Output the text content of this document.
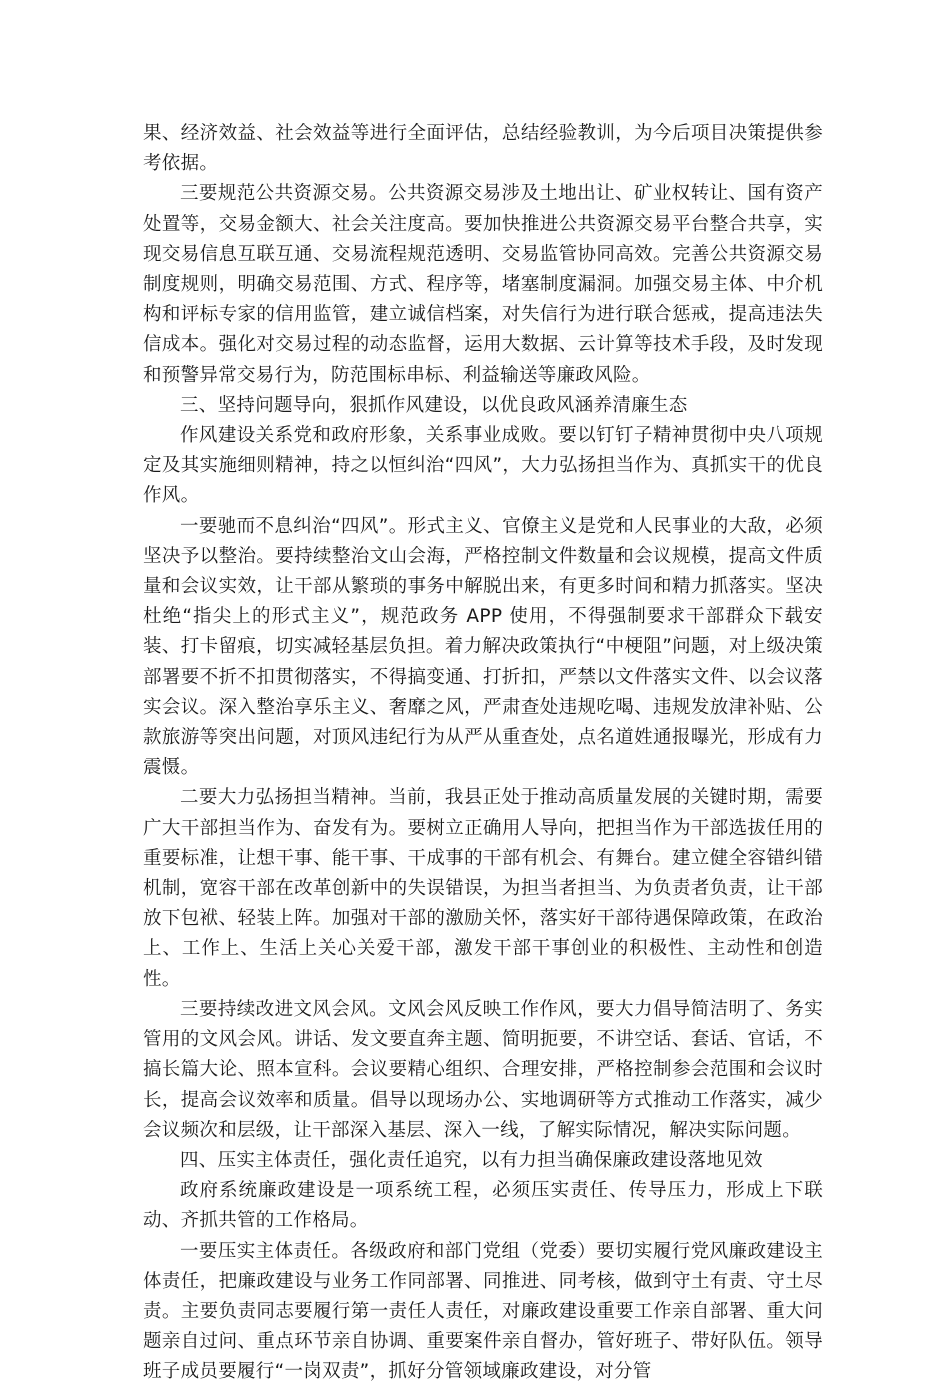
果、经济效益、社会效益等进行全面评估，总结经验教训，为今后项目决策提供参考依据。

三要规范公共资源交易。公共资源交易涉及土地出让、矿业权转让、国有资产处置等，交易金额大、社会关注度高。要加快推进公共资源交易平台整合共享，实现交易信息互联互通、交易流程规范透明、交易监管协同高效。完善公共资源交易制度规则，明确交易范围、方式、程序等，堵塞制度漏洞。加强交易主体、中介机构和评标专家的信用监管，建立诚信档案，对失信行为进行联合惩戒，提高违法失信成本。强化对交易过程的动态监督，运用大数据、云计算等技术手段，及时发现和预警异常交易行为，防范围标串标、利益输送等廉政风险。

三、坚持问题导向，狠抓作风建设，以优良政风涵养清廉生态

作风建设关系党和政府形象，关系事业成败。要以钉钉子精神贯彻中央八项规定及其实施细则精神，持之以恒纠治“四风”，大力弘扬担当作为、真抓实干的优良作风。

一要驰而不息纠治“四风”。形式主义、官僚主义是党和人民事业的大敌，必须坚决予以整治。要持续整治文山会海，严格控制文件数量和会议规模，提高文件质量和会议实效，让干部从繁琐的事务中解脱出来，有更多时间和精力抓落实。坚决杜绝“指尖上的形式主义”，规范政务 APP 使用，不得强制要求干部群众下载安装、打卡留痕，切实减轻基层负担。着力解决政策执行“中梗阻”问题，对上级决策部署要不折不扣贯彻落实，不得搞变通、打折扣，严禁以文件落实文件、以会议落实会议。深入整治享乐主义、奢靡之风，严肃查处违规吃喝、违规发放津补贴、公款旅游等突出问题，对顶风违纪行为从严从重查处，点名道姓通报曝光，形成有力震慑。

二要大力弘扬担当精神。当前，我县正处于推动高质量发展的关键时期，需要广大干部担当作为、奋发有为。要树立正确用人导向，把担当作为干部选拔任用的重要标准，让想干事、能干事、干成事的干部有机会、有舞台。建立健全容错纠错机制，宽容干部在改革创新中的失误错误，为担当者担当、为负责者负责，让干部放下包袱、轻装上阵。加强对干部的激励关怀，落实好干部待遇保障政策，在政治上、工作上、生活上关心关爱干部，激发干部干事创业的积极性、主动性和创造性。

三要持续改进文风会风。文风会风反映工作作风，要大力倡导简洁明了、务实管用的文风会风。讲话、发文要直奔主题、简明扼要，不讲空话、套话、官话，不搞长篇大论、照本宣科。会议要精心组织、合理安排，严格控制参会范围和会议时长，提高会议效率和质量。倡导以现场办公、实地调研等方式推动工作落实，减少会议频次和层级，让干部深入基层、深入一线，了解实际情况，解决实际问题。

四、压实主体责任，强化责任追究，以有力担当确保廉政建设落地见效

政府系统廉政建设是一项系统工程，必须压实责任、传导压力，形成上下联动、齐抓共管的工作格局。

一要压实主体责任。各级政府和部门党组（党委）要切实履行党风廉政建设主体责任，把廉政建设与业务工作同部署、同推进、同考核，做到守土有责、守土尽责。主要负责同志要履行第一责任人责任，对廉政建设重要工作亲自部署、重大问题亲自过问、重点环节亲自协调、重要案件亲自督办，管好班子、带好队伍。领导班子成员要履行“一岗双责”，抓好分管领域廉政建设，对分管
